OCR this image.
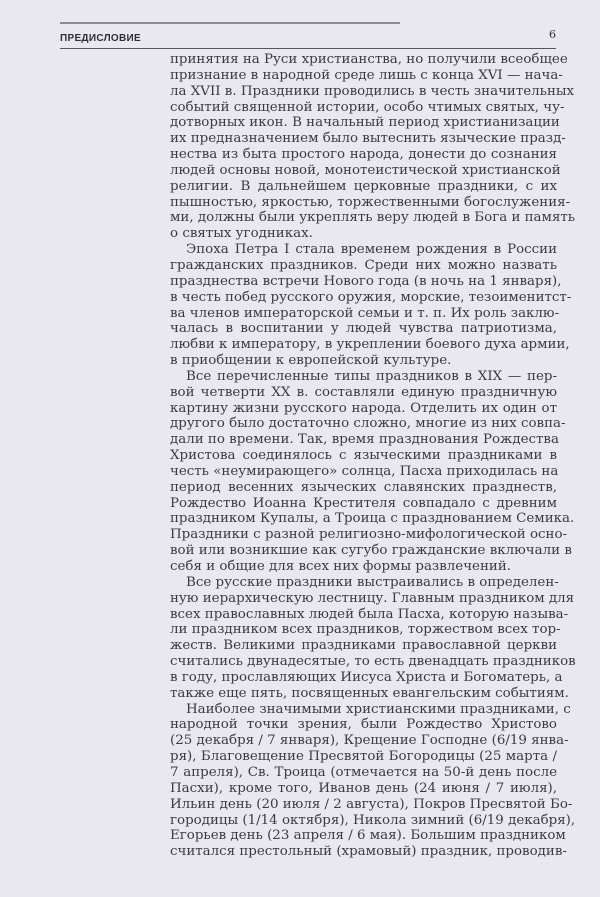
ПРЕДИСЛОВИЕ	6
принятия на Руси христианства, но получили всеобщее
признание в народной среде лишь с конца XVI — нача-
ла XVII в. Праздники проводились в честь значительных
событий священной истории, особо чтимых святых, чу-
дотворных икон. В начальный период христианизации
их предназначением было вытеснить языческие празд-
нества из быта простого народа, донести до сознания
людей основы новой, монотеистической христианской
религии. В дальнейшем церковные праздники, с их
пышностью, яркостью, торжественными богослужения-
ми, должны были укреплять веру людей в Бога и память
о святых угодниках.
Эпоха Петра I стала временем рождения в России
гражданских праздников. Среди них можно назвать
празднества встречи Нового года (в ночь на 1 января),
в честь побед русского оружия, морские, тезоименитст-
ва членов императорской семьи и т. п. Их роль заклю-
чалась в воспитании у людей чувства патриотизма,
любви к императору, в укреплении боевого духа армии,
в приобщении к европейской культуре.
Все перечисленные типы праздников в XIX — пер-
вой четверти XX в. составляли единую праздничную
картину жизни русского народа. Отделить их один от
другого было достаточно сложно, многие из них совпа-
дали по времени. Так, время празднования Рождества
Христова соединялось с языческими праздниками в
честь «неумирающего» солнца, Пасха приходилась на
период весенних языческих славянских празднеств,
Рождество Иоанна Крестителя совпадало с древним
праздником Купалы, а Троица с празднованием Семика.
Праздники с разной религиозно-мифологической осно-
вой или возникшие как сугубо гражданские включали в
себя и общие для всех них формы развлечений.
Все русские праздники выстраивались в определен-
ную иерархическую лестницу. Главным праздником для
всех православных людей была Пасха, которую называ-
ли праздником всех праздников, торжеством всех тор-
жеств. Великими праздниками православной церкви
считались двунадесятые, то есть двенадцать праздников
в году, прославляющих Иисуса Христа и Богоматерь, а
также еще пять, посвященных евангельским событиям.
Наиболее значимыми христианскими праздниками, с
народной точки зрения, были Рождество Христово
(25 декабря / 7 января), Крещение Господне (6/19 янва-
ря), Благовещение Пресвятой Богородицы (25 марта /
7 апреля), Св. Троица (отмечается на 50-й день после
Пасхи), кроме того, Иванов день (24 июня / 7 июля),
Ильин день (20 июля / 2 августа), Покров Пресвятой Бо-
городицы (1/14 октября), Никола зимний (6/19 декабря),
Егорьев день (23 апреля / 6 мая). Большим праздником
считался престольный (храмовый) праздник, проводив-
